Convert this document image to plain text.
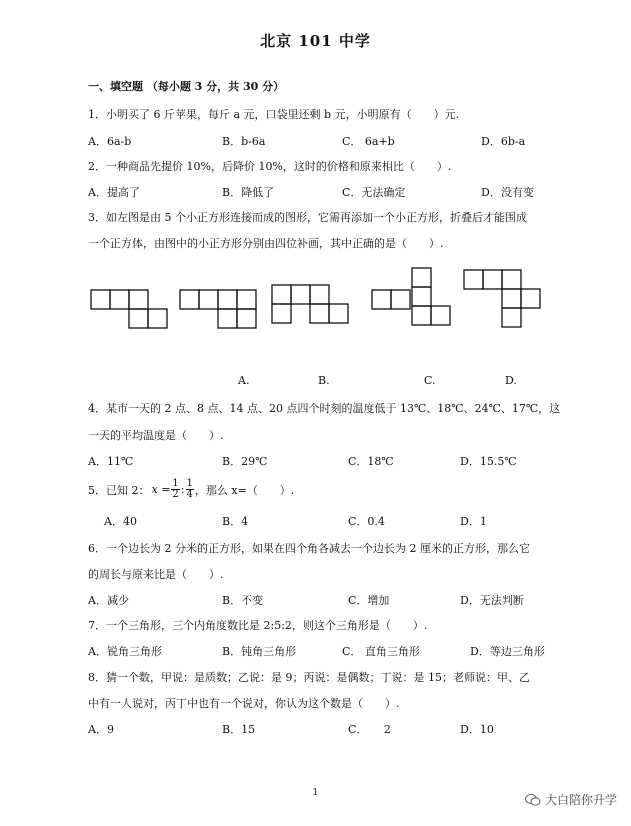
北京 101 中学
一、填空题 （每小题 3 分，共 30 分）
1．小明买了 6 斤苹果，每斤 a 元，口袋里还剩 b 元，小明原有（　　）元.
A．6a-b	B．b-6a	C． 6a+b	D．6b-a
2．一种商品先提价 10%，后降价 10%，这时的价格和原来相比（　　）.
A．提高了	B．降低了	C．无法确定	D．没有变
3．如左图是由 5 个小正方形连接而成的图形，它需再添加一个小正方形，折叠后才能围成
一个正方体，由图中的小正方形分别由四位补画，其中正确的是（　　）.
A.	B.	C.	D.
4．某市一天的 2 点、8 点、14 点、20 点四个时刻的温度低于 13℃、18℃、24℃、17℃，这
一天的平均温度是（　　）.
A．11℃	B．29℃	C．18℃	D．15.5℃
5．已知 2： $x = \frac{1}{2}$ : $\frac{1}{4}$ ，那么 x=（　　）.
A．40	B．4	C．0.4	D．1
6．一个边长为 2 分米的正方形，如果在四个角各减去一个边长为 2 厘米的正方形，那么它
的周长与原来比是（　　）.
A．减少	B．不变	C．增加	D．无法判断
7．一个三角形，三个内角度数比是 2:5:2，则这个三角形是（　　）.
A．锐角三角形	B．钝角三角形	C． 直角三角形	D．等边三角形
8．猜一个数，甲说：是质数；乙说：是 9；丙说：是偶数；丁说：是 15；老师说：甲、乙
中有一人说对，丙丁中也有一个说对，你认为这个数是（　　）.
A．9	B．15	C．　　2	D．10
1	大白陪你升学
